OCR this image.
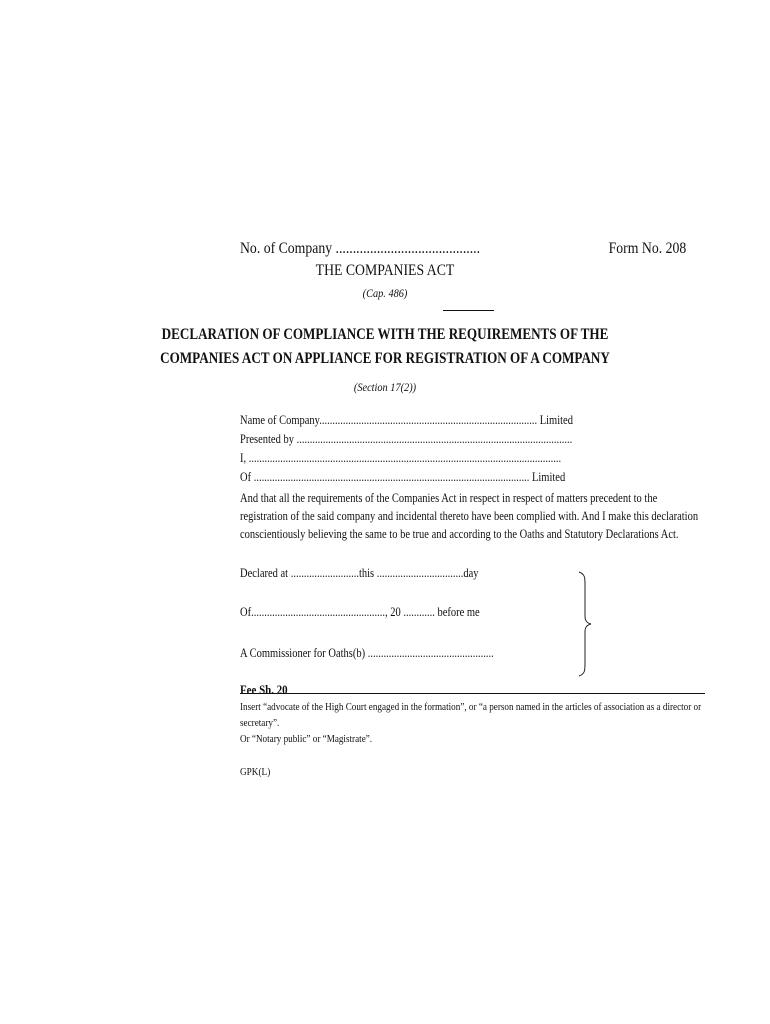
No. of Company ..........................................	Form No. 208
THE COMPANIES ACT
(Cap. 486)
DECLARATION OF COMPLIANCE WITH THE REQUIREMENTS OF THE
COMPANIES ACT ON APPLIANCE FOR REGISTRATION OF A COMPANY
(Section 17(2))
Name of Company................................................................................... Limited
Presented by .........................................................................................................
I, .......................................................................................................................
Of ......................................................................................................... Limited
And that all the requirements of the Companies Act in respect in respect of matters precedent to the registration of the said company and incidental thereto have been complied with. And I make this declaration conscientiously believing the same to be true and according to the Oaths and Statutory Declarations Act.
Declared at ..........................this .................................day
Of..................................................., 20 ............ before me
A Commissioner for Oaths(b) ................................................
Fee Sh. 20
Insert “advocate of the High Court engaged in the formation”, or “a person named in the articles of association as a director or secretary”.
Or “Notary public” or “Magistrate”.
GPK(L)
